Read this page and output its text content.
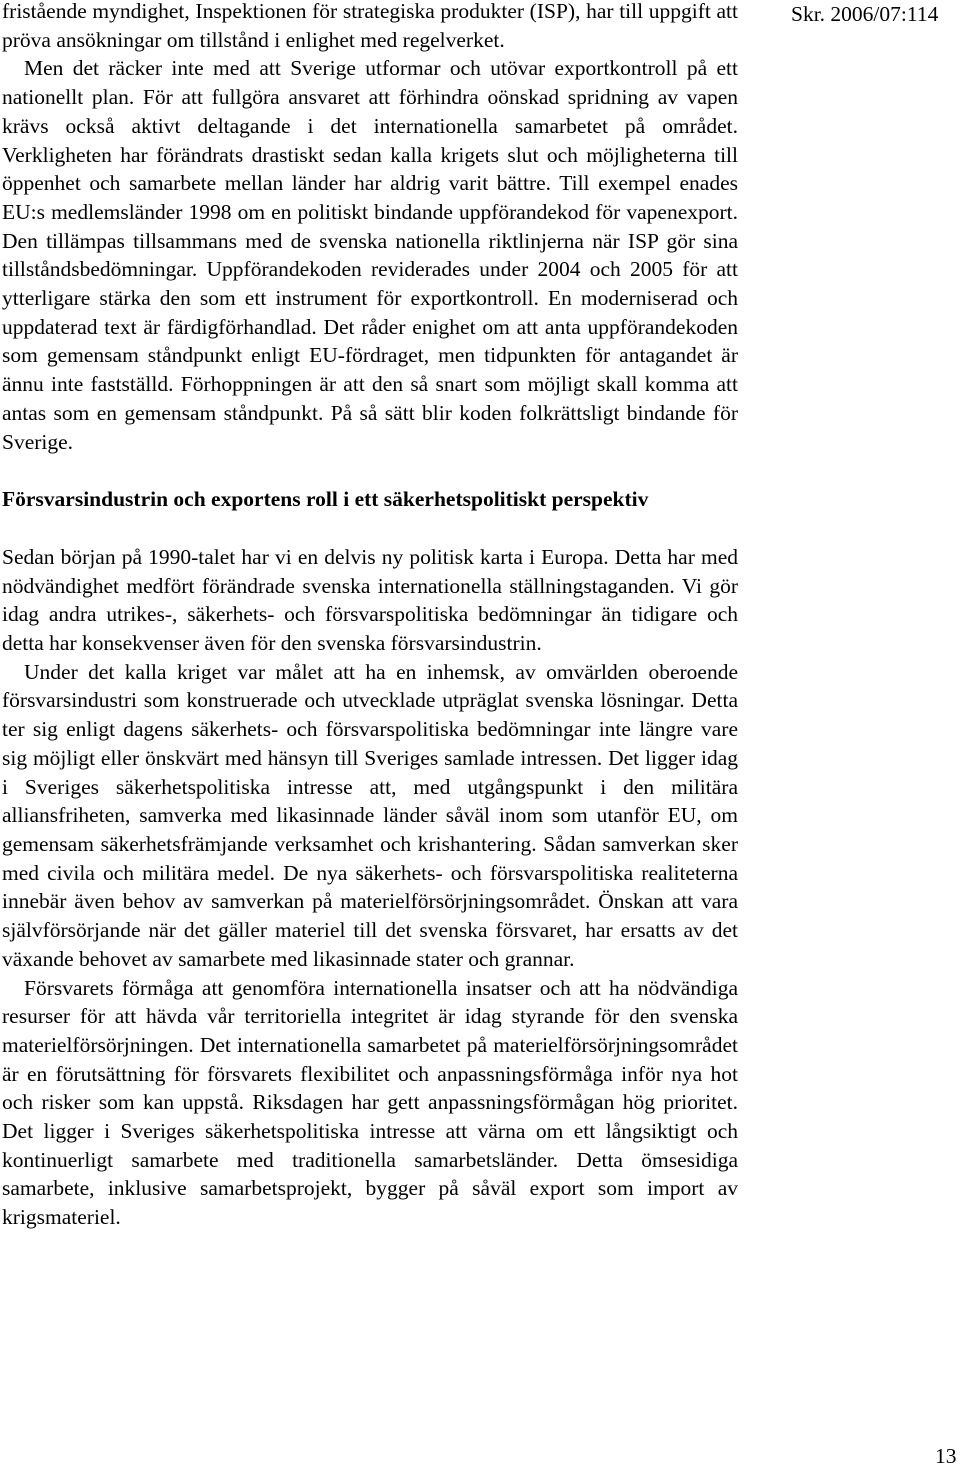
fristående myndighet, Inspektionen för strategiska produkter (ISP), har till uppgift att pröva ansökningar om tillstånd i enlighet med regelverket.

Men det räcker inte med att Sverige utformar och utövar exportkontroll på ett nationellt plan. För att fullgöra ansvaret att förhindra oönskad spridning av vapen krävs också aktivt deltagande i det internationella samarbetet på området. Verkligheten har förändrats drastiskt sedan kalla krigets slut och möjligheterna till öppenhet och samarbete mellan länder har aldrig varit bättre. Till exempel enades EU:s medlemsländer 1998 om en politiskt bindande uppförandekod för vapenexport. Den tillämpas tillsammans med de svenska nationella riktlinjerna när ISP gör sina tillståndsbedömningar. Uppförandekoden reviderades under 2004 och 2005 för att ytterligare stärka den som ett instrument för exportkontroll. En moderniserad och uppdaterad text är färdigförhandlad. Det råder enighet om att anta uppförandekoden som gemensam ståndpunkt enligt EU-fördraget, men tidpunkten för antagandet är ännu inte fastställd. Förhoppningen är att den så snart som möjligt skall komma att antas som en gemensam ståndpunkt. På så sätt blir koden folkrättsligt bindande för Sverige.

Försvarsindustrin och exportens roll i ett säkerhetspolitiskt perspektiv

Sedan början på 1990-talet har vi en delvis ny politisk karta i Europa. Detta har med nödvändighet medfört förändrade svenska internationella ställningstaganden. Vi gör idag andra utrikes-, säkerhets- och försvarspolitiska bedömningar än tidigare och detta har konsekvenser även för den svenska försvarsindustrin.

Under det kalla kriget var målet att ha en inhemsk, av omvärlden oberoende försvarsindustri som konstruerade och utvecklade utpräglat svenska lösningar. Detta ter sig enligt dagens säkerhets- och försvarspolitiska bedömningar inte längre vare sig möjligt eller önskvärt med hänsyn till Sveriges samlade intressen. Det ligger idag i Sveriges säkerhetspolitiska intresse att, med utgångspunkt i den militära alliansfriheten, samverka med likasinnade länder såväl inom som utanför EU, om gemensam säkerhetsfrämjande verksamhet och krishantering. Sådan samverkan sker med civila och militära medel. De nya säkerhets- och försvarspolitiska realiteterna innebär även behov av samverkan på materielförsörjningsområdet. Önskan att vara självförsörjande när det gäller materiel till det svenska försvaret, har ersatts av det växande behovet av samarbete med likasinnade stater och grannar.

Försvarets förmåga att genomföra internationella insatser och att ha nödvändiga resurser för att hävda vår territoriella integritet är idag styrande för den svenska materielförsörjningen. Det internationella samarbetet på materielförsörjningsområdet är en förutsättning för försvarets flexibilitet och anpassningsförmåga inför nya hot och risker som kan uppstå. Riksdagen har gett anpassningsförmågan hög prioritet. Det ligger i Sveriges säkerhetspolitiska intresse att värna om ett långsiktigt och kontinuerligt samarbete med traditionella samarbetsländer. Detta ömsesidiga samarbete, inklusive samarbetsprojekt, bygger på såväl export som import av krigsmateriel.

Skr. 2006/07:114
13
